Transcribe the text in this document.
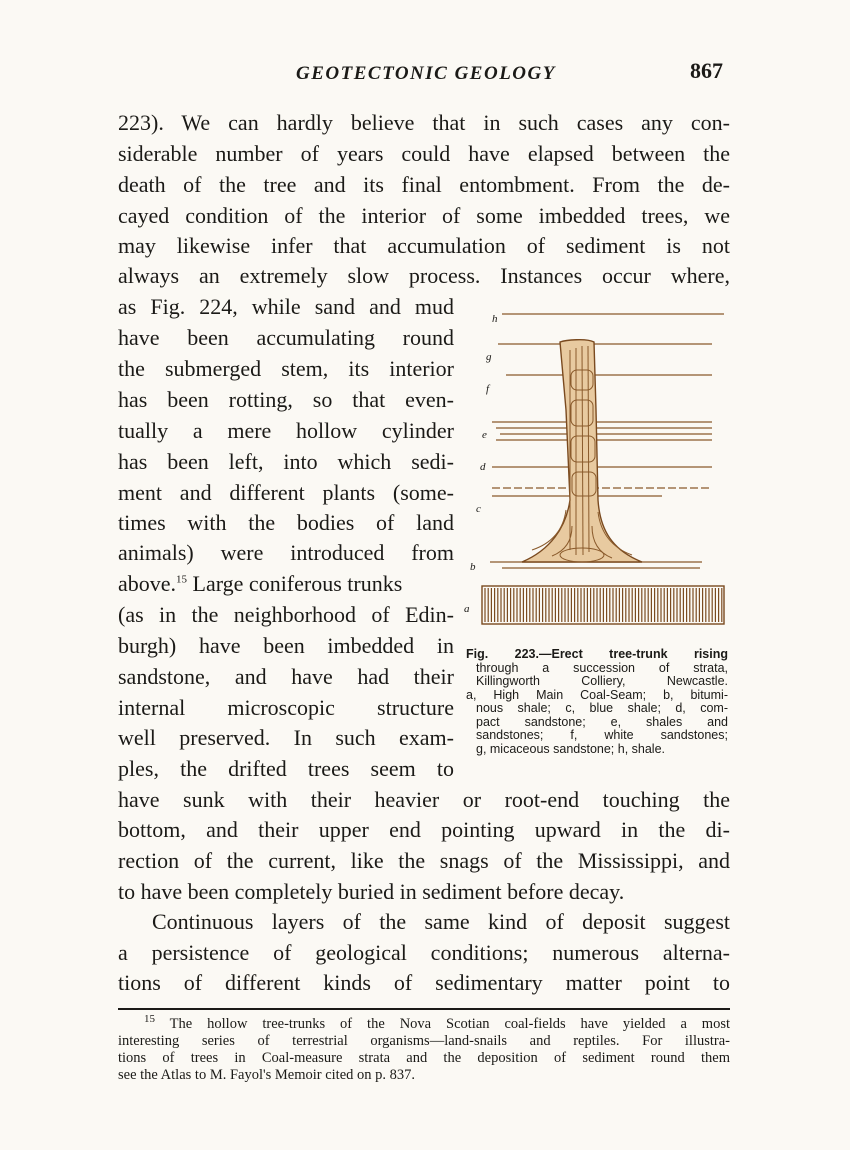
GEOTECTONIC GEOLOGY	867
223). We can hardly believe that in such cases any con-
siderable number of years could have elapsed between the
death of the tree and its final entombment. From the de-
cayed condition of the interior of some imbedded trees, we
may likewise infer that accumulation of sediment is not
always an extremely slow process. Instances occur where,
as Fig. 224, while sand and mud
have been accumulating round
the submerged stem, its interior
has been rotting, so that even-
tually a mere hollow cylinder
has been left, into which sedi-
ment and different plants (some-
times with the bodies of land
animals) were introduced from
above.$^{15}$ Large coniferous trunks
(as in the neighborhood of Edin-
burgh) have been imbedded in
sandstone, and have had their
internal microscopic structure
well preserved. In such exam-
ples, the drifted trees seem to
have sunk with their heavier or root-end touching the
bottom, and their upper end pointing upward in the di-
rection of the current, like the snags of the Mississippi, and
to have been completely buried in sediment before decay.
Continuous layers of the same kind of deposit suggest
a persistence of geological conditions; numerous alterna-
tions of different kinds of sedimentary matter point to
h
g
f
e
d
c
b
a
Fig. 223.—Erect tree-trunk rising
through a succession of strata,
Killingworth Colliery, Newcastle.
a, High Main Coal-Seam; b, bitumi-
nous shale; c, blue shale; d, com-
pact sandstone; e, shales and
sandstones; f, white sandstones;
g, micaceous sandstone; h, shale.
$^{15}$ The hollow tree-trunks of the Nova Scotian coal-fields have yielded a most
interesting series of terrestrial organisms—land-snails and reptiles. For illustra-
tions of trees in Coal-measure strata and the deposition of sediment round them
see the Atlas to M. Fayol's Memoir cited on p. 837.
